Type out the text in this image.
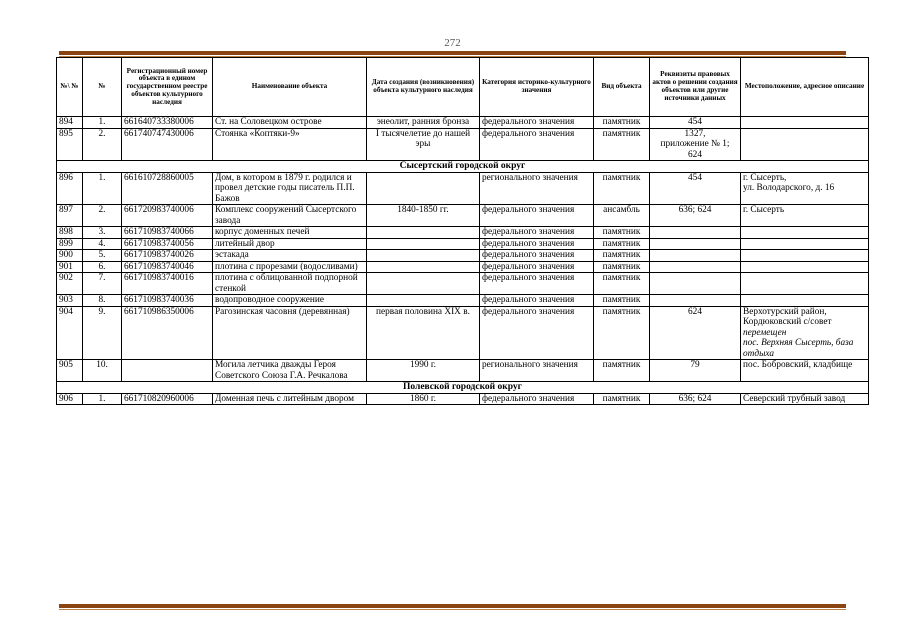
272
№\ №	№	Регистрационный номер объекта в едином государственном реестре объектов культурного наследия	Наименование объекта	Дата создания (возникновения) объекта культурного наследия	Категория историко-культурного значения	Вид объекта	Реквизиты правовых актов о решении создания объектов или другие источники данных	Местоположение, адресное описание
894	1.	661640733380006	Ст. на Соловецком острове	энеолит, ранния бронза	федерального значения	памятник	454	

895	2.	661740747430006	Стоянка «Коптяки-9»	I тысячелетие до нашей эры	федерального значения	памятник	1327,
приложение № 1;
624	

Сысертский городской округ								
896	1.	661610728860005	Дом, в котором в 1879 г. родился и провел детские годы писатель П.П. Бажов		регионального значения	памятник	454	г. Сысерть,
ул. Володарского, д. 16

897	2.	661720983740006	Комплекс сооружений Сысертского завода	1840-1850 гг.	федерального значения	ансамбль	636; 624	г. Сысерть

898	3.	661710983740066	корпус доменных печей		федерального значения	памятник		
899	4.	661710983740056	литейный двор		федерального значения	памятник		
900	5.	661710983740026	эстакада		федерального значения	памятник		
901	6.	661710983740046	плотина с прорезами (водосливами)		федерального значения	памятник		
902	7.	661710983740016	плотина с облицованной подпорной стенкой		федерального значения	памятник		
903	8.	661710983740036	водопроводное сооружение		федерального значения	памятник		
904	9.	661710986350006	Рагозинская часовня (деревянная)	первая половина XIX в.	федерального значения	памятник	624	Верхотурский район,
Кордюковский с/совет
перемещен
пос. Верхняя Сысерть, база отдыха

905	10.		Могила летчика дважды Героя Советского Союза Г.А. Речкалова	1990 г.	регионального значения	памятник	79	пос. Бобровский, кладбище

Полевской городской округ								
906	1.	661710820960006	Доменная печь с литейным двором	1860 г.	федерального значения	памятник	636; 624	Северский трубный завод
